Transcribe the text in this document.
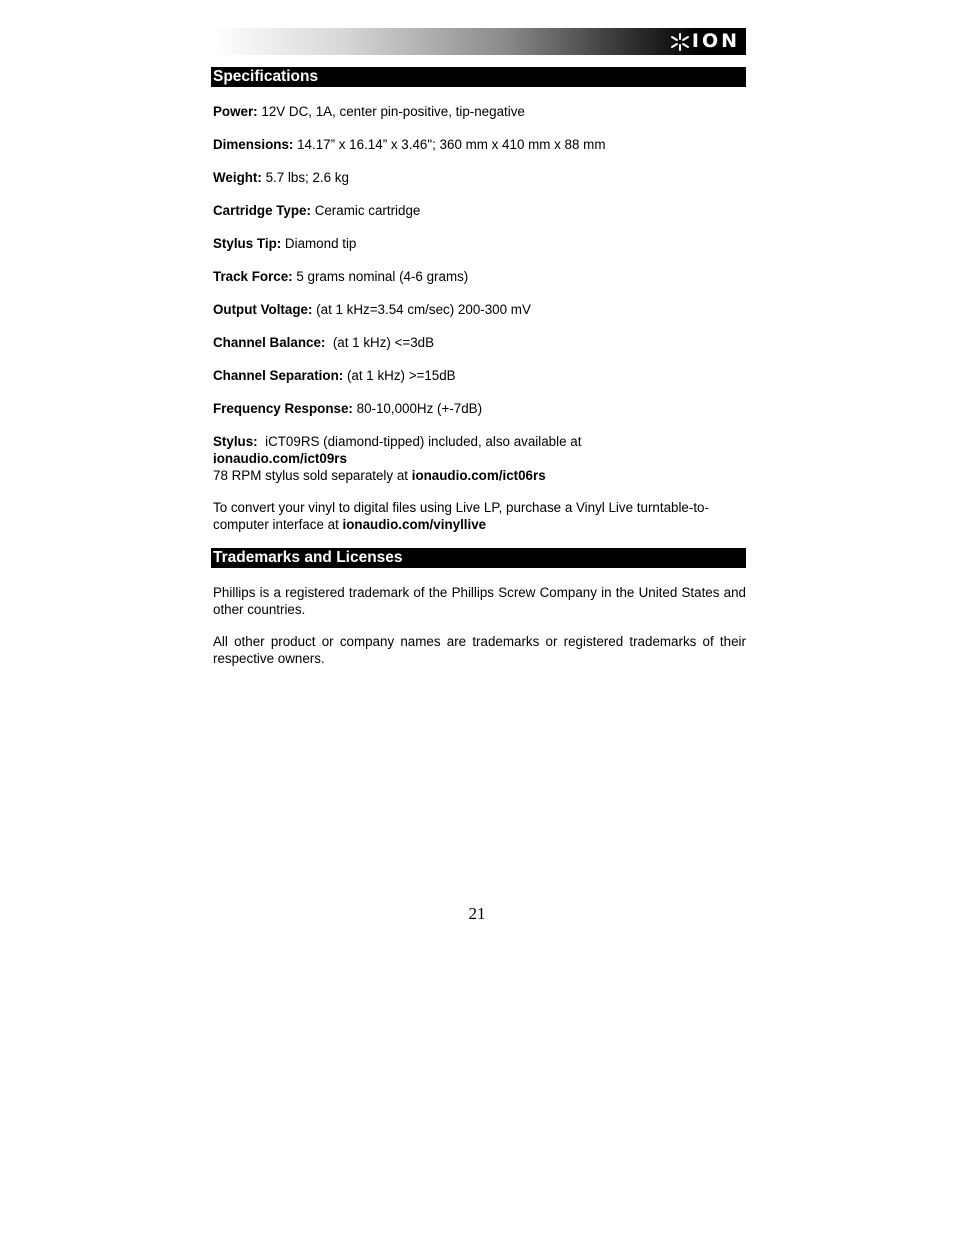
ION
Specifications
Power: 12V DC, 1A, center pin-positive, tip-negative
Dimensions: 14.17” x 16.14” x 3.46"; 360 mm x 410 mm x 88 mm
Weight: 5.7 lbs; 2.6 kg
Cartridge Type: Ceramic cartridge
Stylus Tip: Diamond tip
Track Force: 5 grams nominal (4-6 grams)
Output Voltage: (at 1 kHz=3.54 cm/sec) 200-300 mV
Channel Balance:  (at 1 kHz) <=3dB
Channel Separation: (at 1 kHz) >=15dB
Frequency Response: 80-10,000Hz (+-7dB)
Stylus:  iCT09RS (diamond-tipped) included, also available at
ionaudio.com/ict09rs
78 RPM stylus sold separately at ionaudio.com/ict06rs
To convert your vinyl to digital files using Live LP, purchase a Vinyl Live turntable-to-computer interface at ionaudio.com/vinyllive
Trademarks and Licenses
Phillips is a registered trademark of the Phillips Screw Company in the United States and other countries.
All other product or company names are trademarks or registered trademarks of their respective owners.
21
